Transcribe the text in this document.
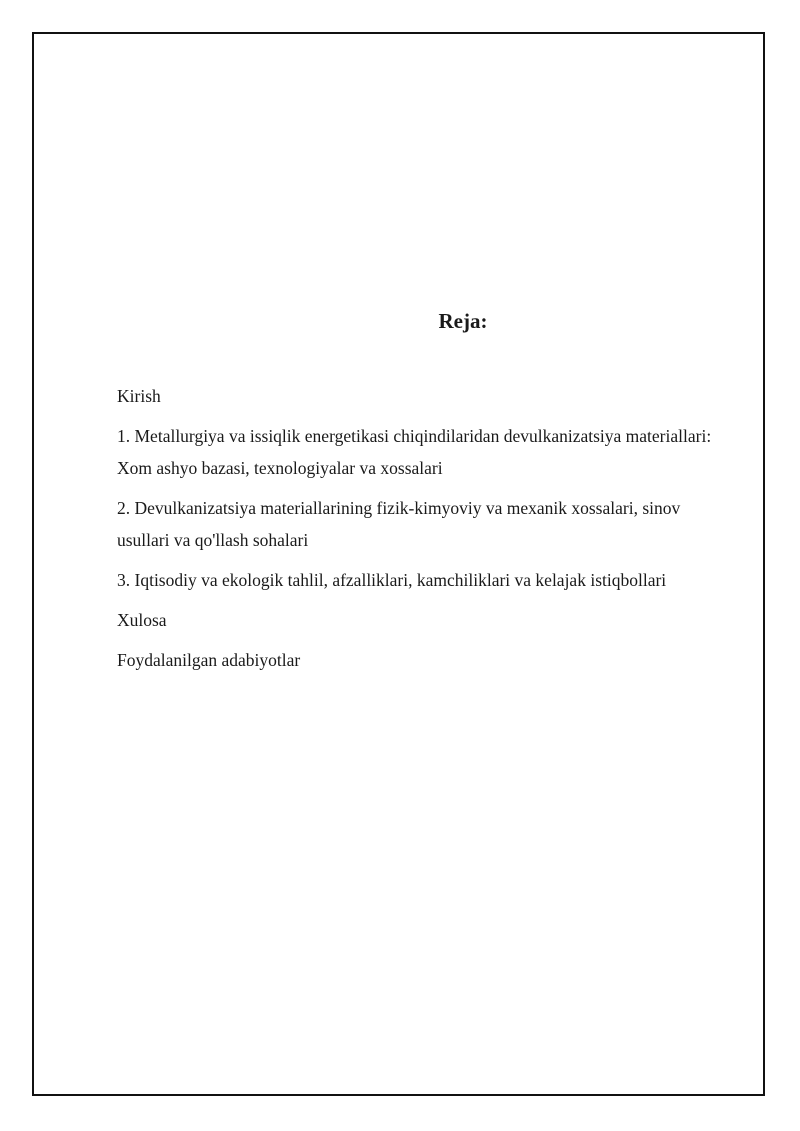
Reja:
Kirish
1. Metallurgiya va issiqlik energetikasi chiqindilaridan devulkanizatsiya materiallari: Xom ashyo bazasi, texnologiyalar va xossalari
2. Devulkanizatsiya materiallarining fizik-kimyoviy va mexanik xossalari, sinov usullari va qo'llash sohalari
3. Iqtisodiy va ekologik tahlil, afzalliklari, kamchiliklari va kelajak istiqbollari
Xulosa
Foydalanilgan adabiyotlar
